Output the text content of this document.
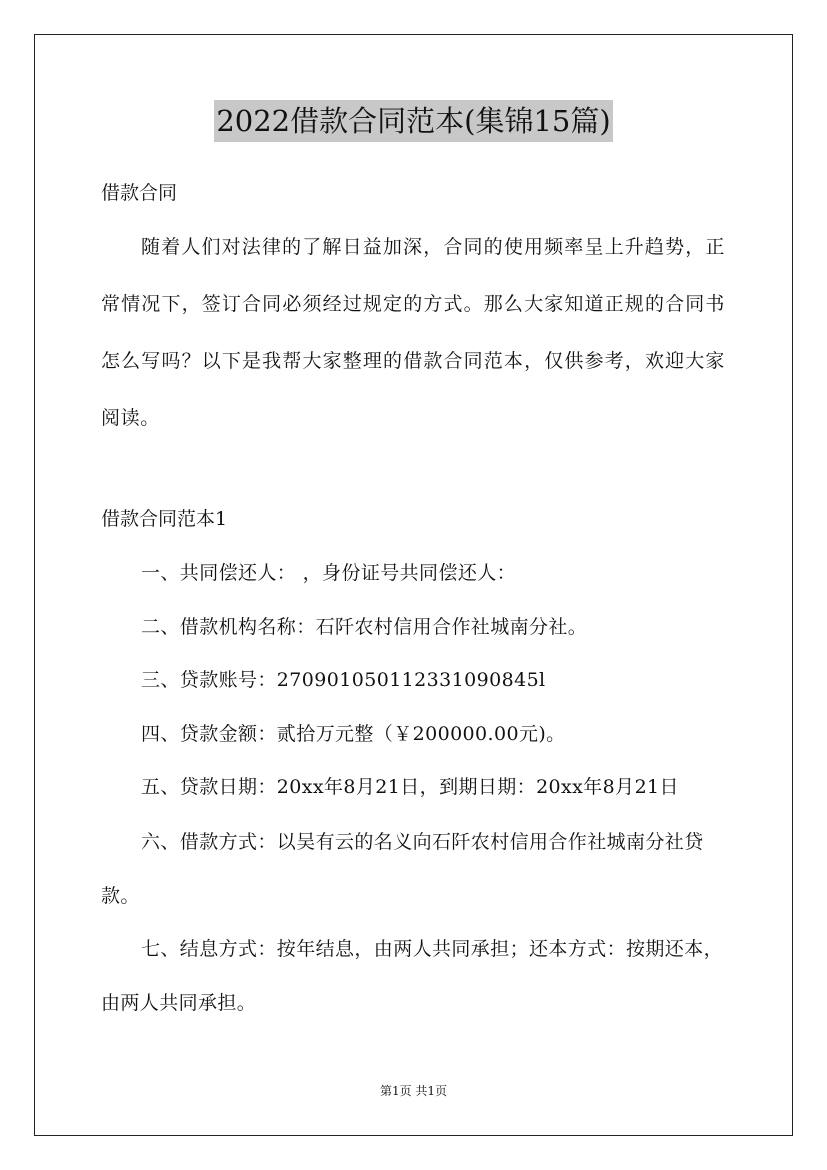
2022借款合同范本(集锦15篇)
借款合同
随着人们对法律的了解日益加深，合同的使用频率呈上升趋势，正常情况下，签订合同必须经过规定的方式。那么大家知道正规的合同书怎么写吗？以下是我帮大家整理的借款合同范本，仅供参考，欢迎大家阅读。
借款合同范本1
一、共同偿还人： ，身份证号共同偿还人：
二、借款机构名称：石阡农村信用合作社城南分社。
三、贷款账号：270901050112331090845l
四、贷款金额：贰拾万元整（￥200000.00元)。
五、贷款日期：20xx年8月21日，到期日期：20xx年8月21日
六、借款方式：以吴有云的名义向石阡农村信用合作社城南分社贷款。
七、结息方式：按年结息，由两人共同承担；还本方式：按期还本，由两人共同承担。
第1页 共1页
